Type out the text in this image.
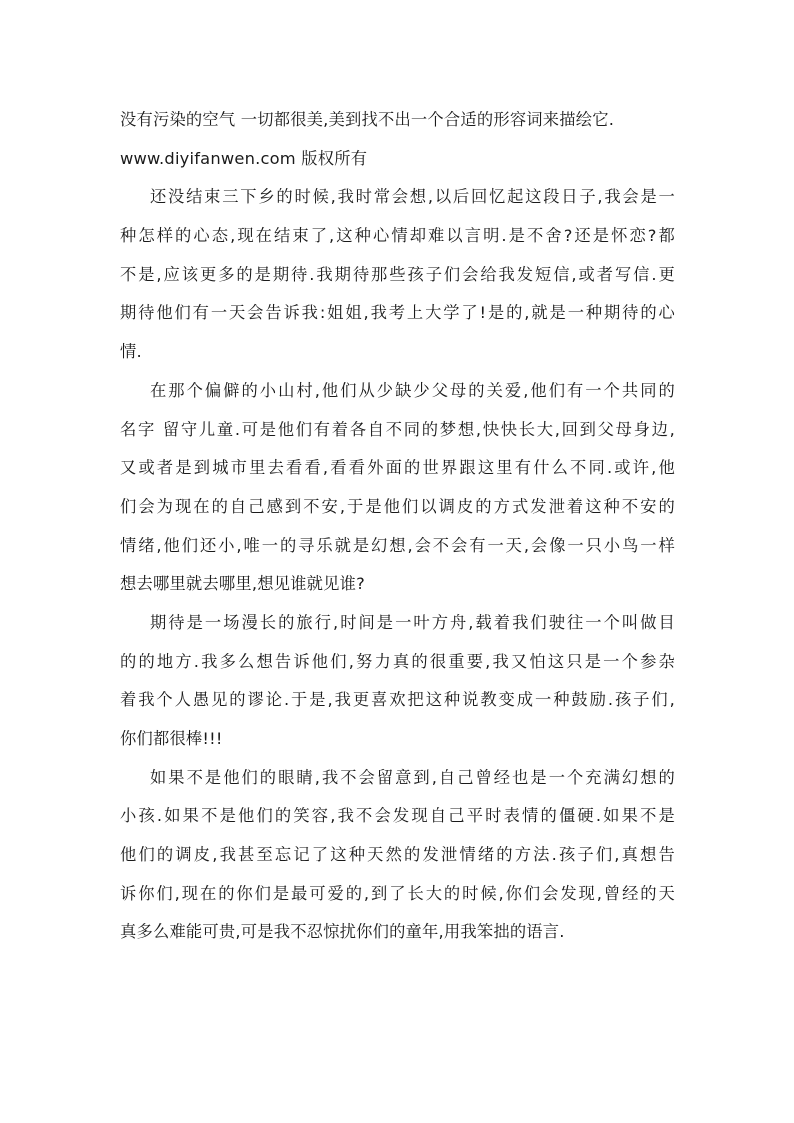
没有污染的空气 一切都很美,美到找不出一个合适的形容词来描绘它.
www.diyifanwen.com 版权所有
还没结束三下乡的时候,我时常会想,以后回忆起这段日子,我会是一
种怎样的心态,现在结束了,这种心情却难以言明.是不舍?还是怀恋?都
不是,应该更多的是期待.我期待那些孩子们会给我发短信,或者写信.更
期待他们有一天会告诉我:姐姐,我考上大学了!是的,就是一种期待的心
情.
在那个偏僻的小山村,他们从少缺少父母的关爱,他们有一个共同的
名字 留守儿童.可是他们有着各自不同的梦想,快快长大,回到父母身边,
又或者是到城市里去看看,看看外面的世界跟这里有什么不同.或许,他
们会为现在的自己感到不安,于是他们以调皮的方式发泄着这种不安的
情绪,他们还小,唯一的寻乐就是幻想,会不会有一天,会像一只小鸟一样
想去哪里就去哪里,想见谁就见谁?
期待是一场漫长的旅行,时间是一叶方舟,载着我们驶往一个叫做目
的的地方.我多么想告诉他们,努力真的很重要,我又怕这只是一个参杂
着我个人愚见的谬论.于是,我更喜欢把这种说教变成一种鼓励.孩子们,
你们都很棒!!!
如果不是他们的眼睛,我不会留意到,自己曾经也是一个充满幻想的
小孩.如果不是他们的笑容,我不会发现自己平时表情的僵硬.如果不是
他们的调皮,我甚至忘记了这种天然的发泄情绪的方法.孩子们,真想告
诉你们,现在的你们是最可爱的,到了长大的时候,你们会发现,曾经的天
真多么难能可贵,可是我不忍惊扰你们的童年,用我笨拙的语言.
